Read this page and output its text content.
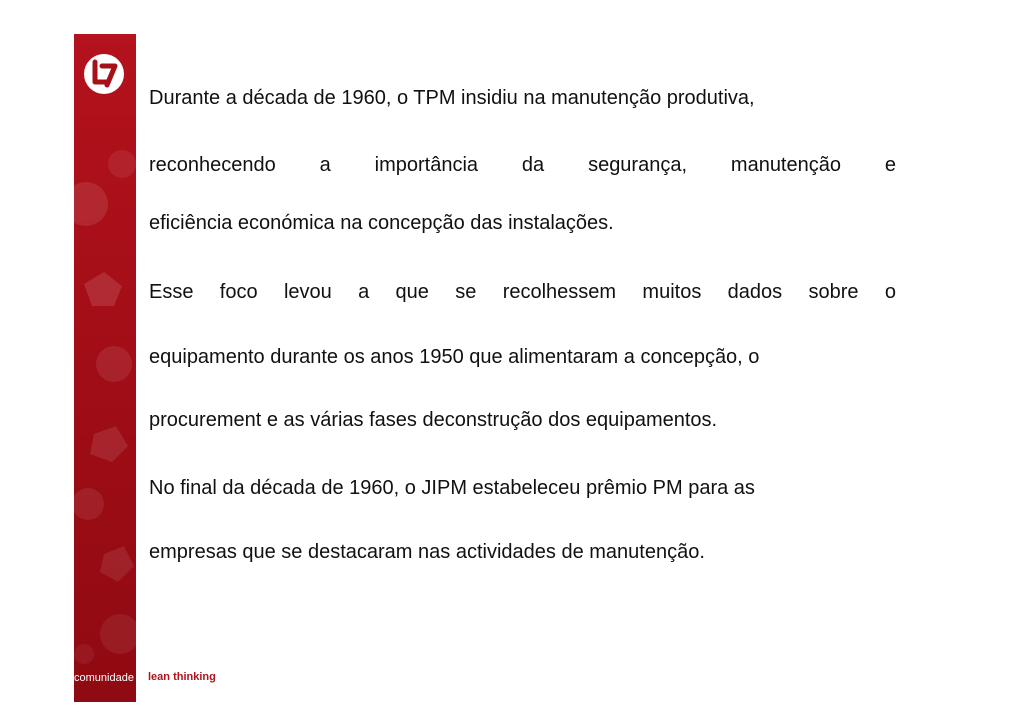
Durante a década de 1960, o TPM insidiu na manutenção produtiva,
reconhecendo a importância da segurança, manutenção e
eficiência económica na concepção das instalações.
Esse foco levou a que se recolhessem muitos dados sobre o
equipamento durante os anos 1950 que alimentaram a concepção, o
procurement e as várias fases deconstrução dos equipamentos.
No final da década de 1960, o JIPM estabeleceu prêmio PM para as
empresas que se destacaram nas actividades de manutenção.
comunidade lean thinking
